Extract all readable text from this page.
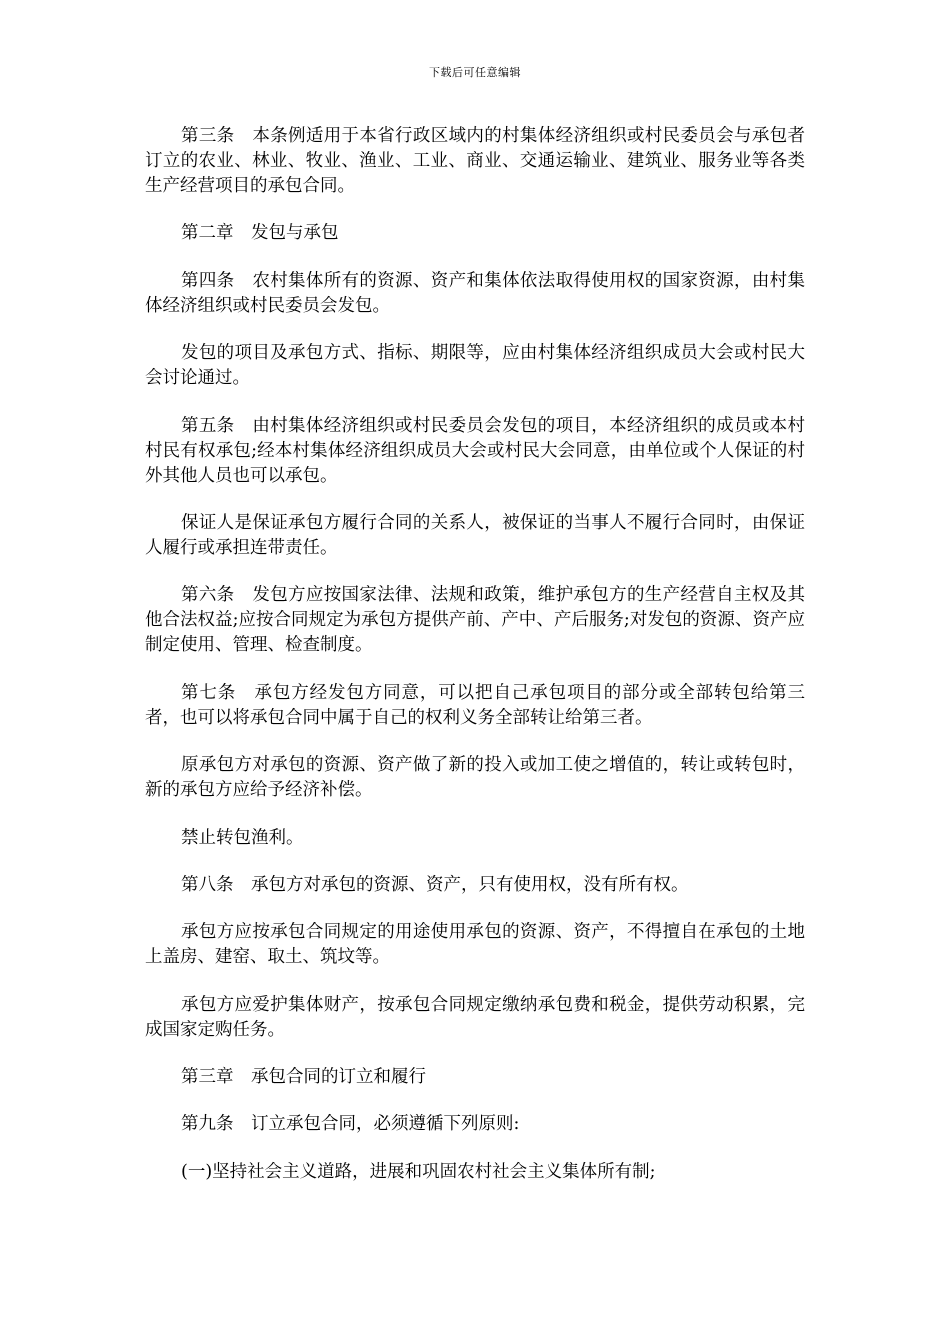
下载后可任意编辑

第三条　本条例适用于本省行政区域内的村集体经济组织或村民委员会与承包者订立的农业、林业、牧业、渔业、工业、商业、交通运输业、建筑业、服务业等各类生产经营项目的承包合同。

第二章　发包与承包

第四条　农村集体所有的资源、资产和集体依法取得使用权的国家资源，由村集体经济组织或村民委员会发包。

发包的项目及承包方式、指标、期限等，应由村集体经济组织成员大会或村民大会讨论通过。

第五条　由村集体经济组织或村民委员会发包的项目，本经济组织的成员或本村村民有权承包;经本村集体经济组织成员大会或村民大会同意，由单位或个人保证的村外其他人员也可以承包。

保证人是保证承包方履行合同的关系人，被保证的当事人不履行合同时，由保证人履行或承担连带责任。

第六条　发包方应按国家法律、法规和政策，维护承包方的生产经营自主权及其他合法权益;应按合同规定为承包方提供产前、产中、产后服务;对发包的资源、资产应制定使用、管理、检查制度。

第七条　承包方经发包方同意，可以把自己承包项目的部分或全部转包给第三者，也可以将承包合同中属于自己的权利义务全部转让给第三者。

原承包方对承包的资源、资产做了新的投入或加工使之增值的，转让或转包时，新的承包方应给予经济补偿。

禁止转包渔利。

第八条　承包方对承包的资源、资产，只有使用权，没有所有权。

承包方应按承包合同规定的用途使用承包的资源、资产，不得擅自在承包的土地上盖房、建窑、取土、筑坟等。

承包方应爱护集体财产，按承包合同规定缴纳承包费和税金，提供劳动积累，完成国家定购任务。

第三章　承包合同的订立和履行

第九条　订立承包合同，必须遵循下列原则:

(一)坚持社会主义道路，进展和巩固农村社会主义集体所有制;
